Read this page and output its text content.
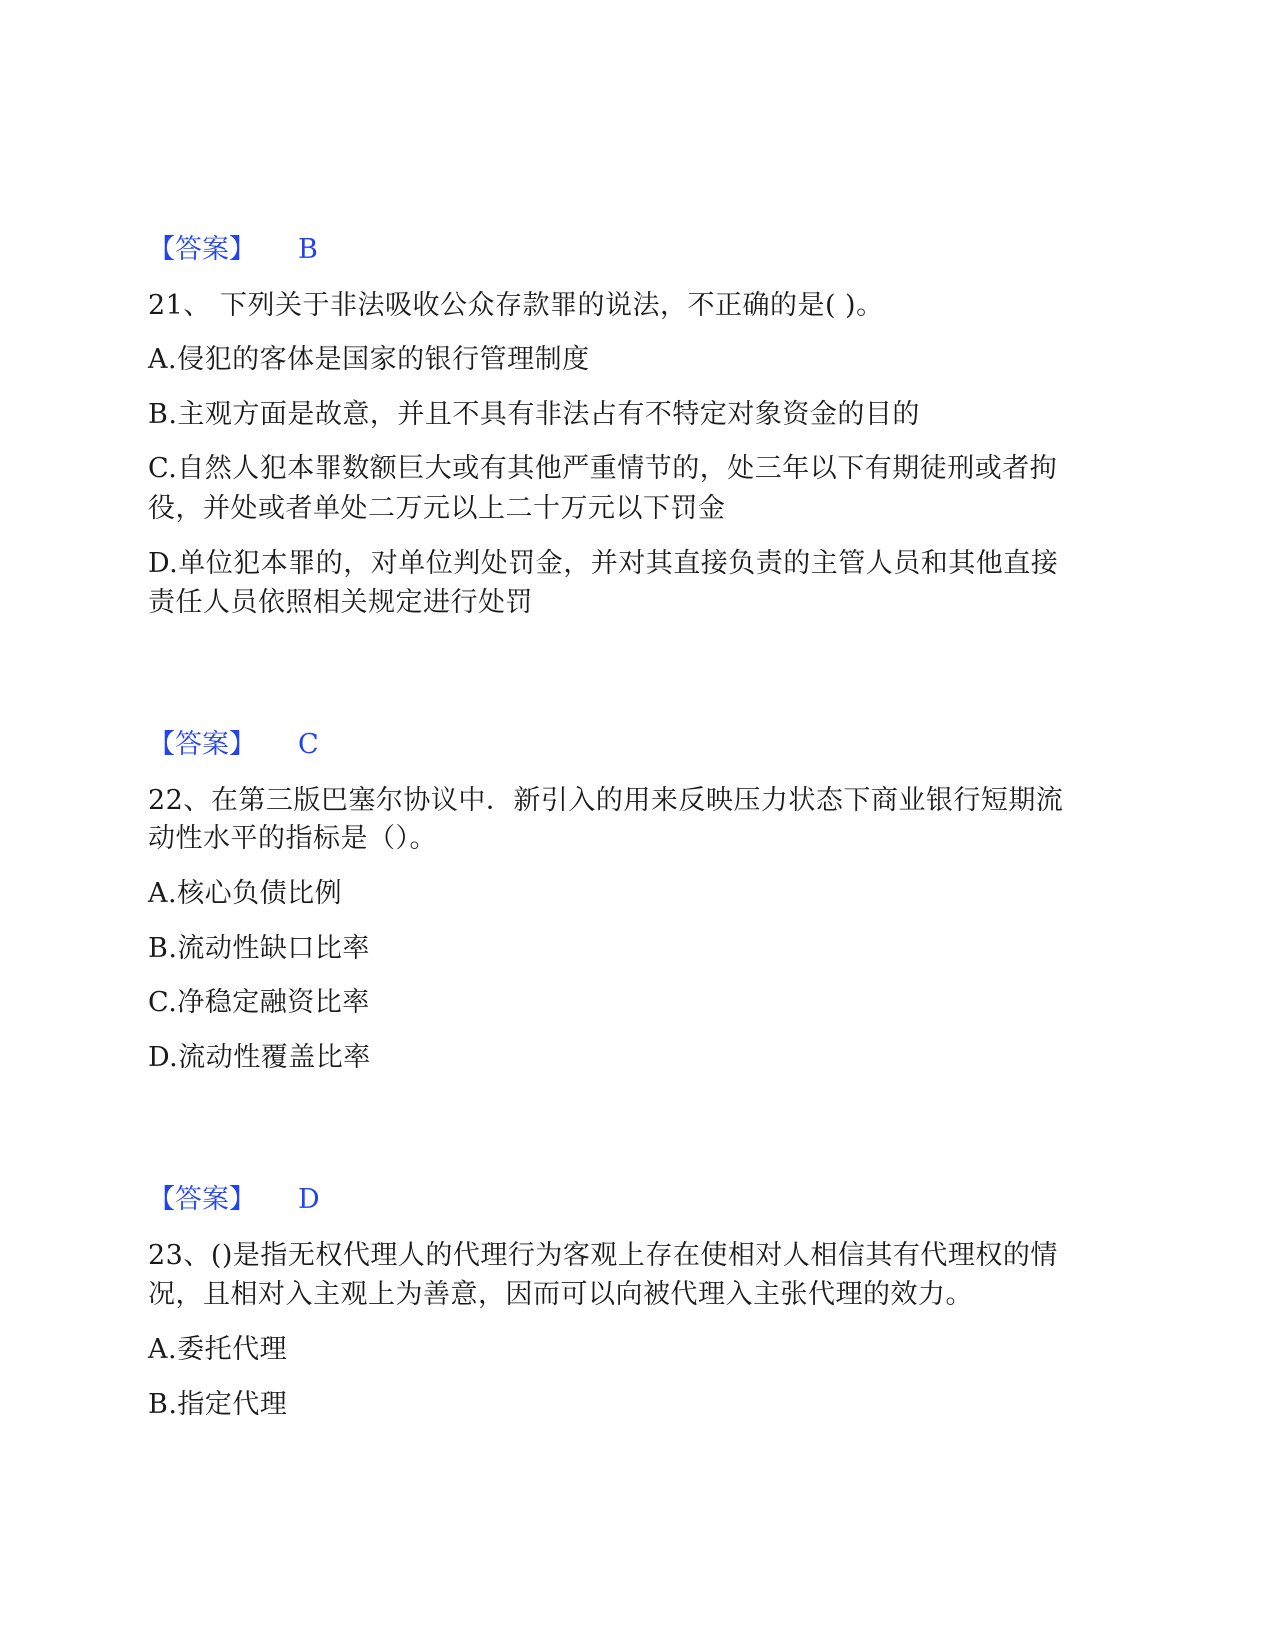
【答案】 B
21、 下列关于非法吸收公众存款罪的说法，不正确的是( )。
A.侵犯的客体是国家的银行管理制度
B.主观方面是故意，并且不具有非法占有不特定对象资金的目的
C.自然人犯本罪数额巨大或有其他严重情节的，处三年以下有期徒刑或者拘
役，并处或者单处二万元以上二十万元以下罚金
D.单位犯本罪的，对单位判处罚金，并对其直接负责的主管人员和其他直接
责任人员依照相关规定进行处罚
【答案】 C
22、在第三版巴塞尔协议中．新引入的用来反映压力状态下商业银行短期流
动性水平的指标是（）。
A.核心负债比例
B.流动性缺口比率
C.净稳定融资比率
D.流动性覆盖比率
【答案】 D
23、()是指无权代理人的代理行为客观上存在使相对人相信其有代理权的情
况，且相对入主观上为善意，因而可以向被代理入主张代理的效力。
A.委托代理
B.指定代理
